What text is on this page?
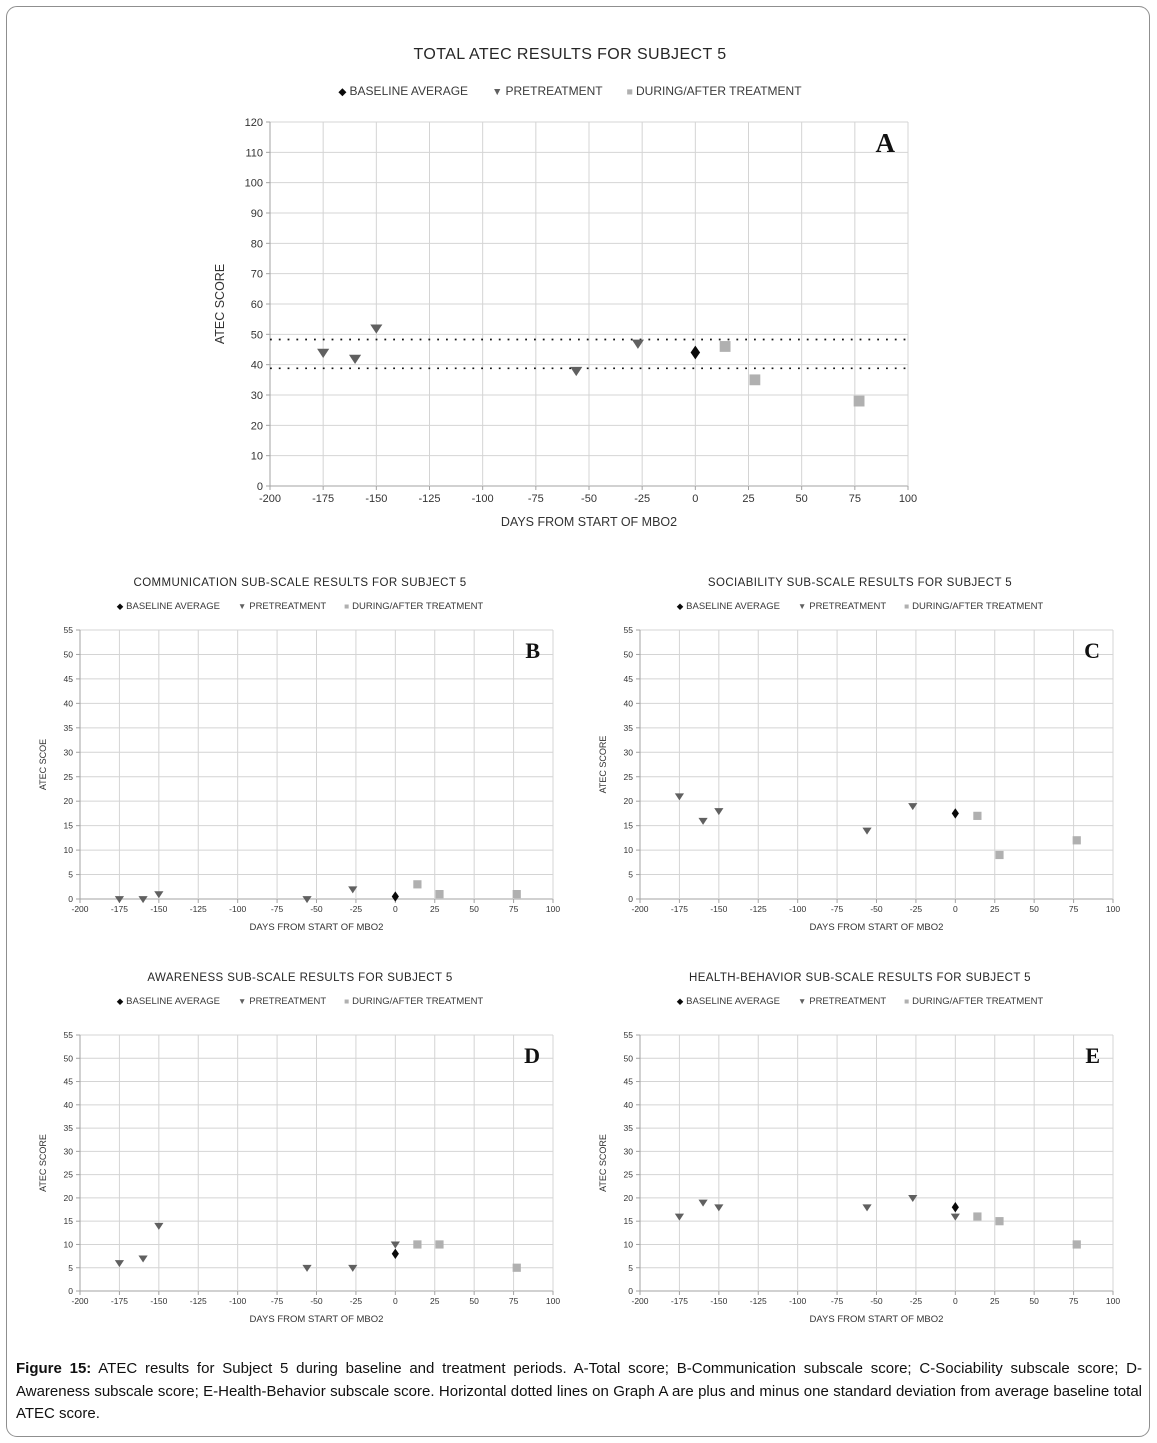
TOTAL ATEC RESULTS FOR SUBJECT 5
◆ BASELINE AVERAGE ▼ PRETREATMENT ■ DURING/AFTER TREATMENT
0
10
20
30
40
50
60
70
80
90
100
110
120
-200	-175	-150	-125	-100	-75	-50	-25	0	25	50	75	100
A
ATEC SCORE
DAYS FROM START OF MBO2
COMMUNICATION SUB-SCALE RESULTS FOR SUBJECT 5
◆ BASELINE AVERAGE ▼ PRETREATMENT ■ DURING/AFTER TREATMENT
0
5
10
15
20
25
30
35
40
45
50
55
-200	-175	-150	-125	-100	-75	-50	-25	0	25	50	75	100
B
ATEC SCOE
DAYS FROM START OF MBO2
SOCIABILITY SUB-SCALE RESULTS FOR SUBJECT 5
◆ BASELINE AVERAGE ▼ PRETREATMENT ■ DURING/AFTER TREATMENT
0
5
10
15
20
25
30
35
40
45
50
55
-200	-175	-150	-125	-100	-75	-50	-25	0	25	50	75	100
C
ATEC SCORE
DAYS FROM START OF MBO2
AWARENESS SUB-SCALE RESULTS FOR SUBJECT 5
◆ BASELINE AVERAGE ▼ PRETREATMENT ■ DURING/AFTER TREATMENT
0
5
10
15
20
25
30
35
40
45
50
55
-200	-175	-150	-125	-100	-75	-50	-25	0	25	50	75	100
D
ATEC SCORE
DAYS FROM START OF MBO2
HEALTH-BEHAVIOR SUB-SCALE RESULTS FOR SUBJECT 5
◆ BASELINE AVERAGE ▼ PRETREATMENT ■ DURING/AFTER TREATMENT
0
5
10
15
20
25
30
35
40
45
50
55
-200	-175	-150	-125	-100	-75	-50	-25	0	25	50	75	100
E
ATEC SCORE
DAYS FROM START OF MBO2
Figure 15: ATEC results for Subject 5 during baseline and treatment periods. A-Total score; B-Communication subscale score; C-Sociability subscale score; D-Awareness subscale score; E-Health-Behavior subscale score. Horizontal dotted lines on Graph A are plus and minus one standard deviation from average baseline total ATEC score.
